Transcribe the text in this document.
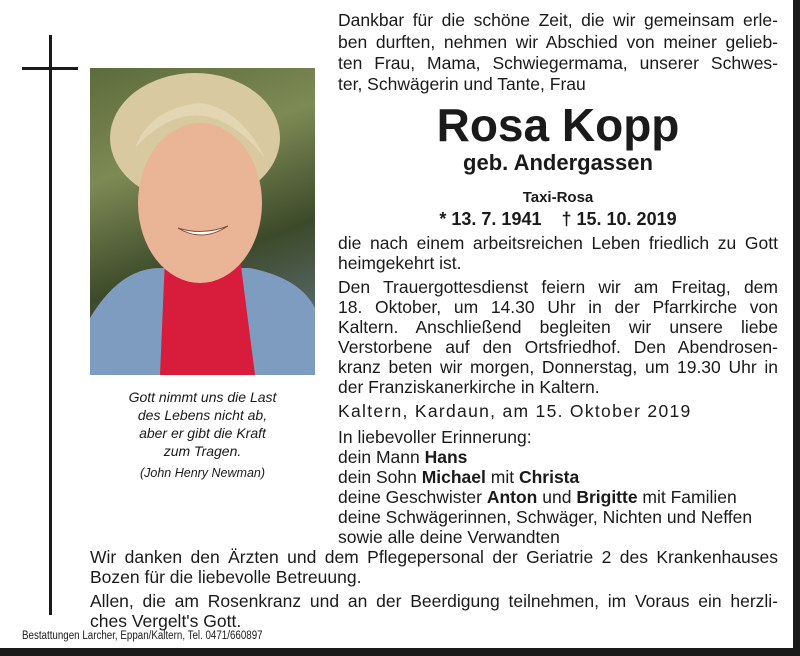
Gott nimmt uns die Last
des Lebens nicht ab,
aber er gibt die Kraft
zum Tragen.
(John Henry Newman)
Dankbar für die schöne Zeit, die wir gemeinsam erle-
ben durften, nehmen wir Abschied von meiner gelieb-
ten Frau, Mama, Schwiegermama, unserer Schwes-
ter, Schwägerin und Tante, Frau
Rosa Kopp
geb. Andergassen
Taxi-Rosa
* 13. 7. 1941 † 15. 10. 2019
die nach einem arbeitsreichen Leben friedlich zu Gott
heimgekehrt ist.
Den Trauergottesdienst feiern wir am Freitag, dem
18. Oktober, um 14.30 Uhr in der Pfarrkirche von
Kaltern. Anschließend begleiten wir unsere liebe
Verstorbene auf den Ortsfriedhof. Den Abendrosen-
kranz beten wir morgen, Donnerstag, um 19.30 Uhr in
der Franziskanerkirche in Kaltern.
Kaltern, Kardaun, am 15. Oktober 2019
In liebevoller Erinnerung:
dein Mann Hans
dein Sohn Michael mit Christa
deine Geschwister Anton und Brigitte mit Familien
deine Schwägerinnen, Schwäger, Nichten und Neffen
sowie alle deine Verwandten
Wir danken den Ärzten und dem Pflegepersonal der Geriatrie 2 des Krankenhauses
Bozen für die liebevolle Betreuung.
Allen, die am Rosenkranz und an der Beerdigung teilnehmen, im Voraus ein herzli-
ches Vergelt's Gott.
Bestattungen Larcher, Eppan/Kaltern, Tel. 0471/660897
